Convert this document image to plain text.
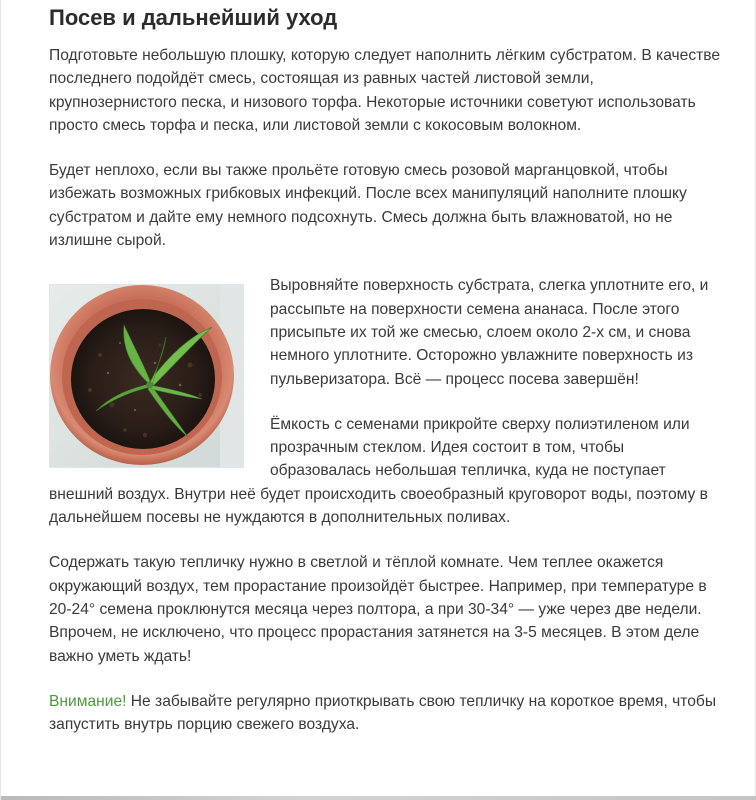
Посев и дальнейший уход

Подготовьте небольшую плошку, которую следует наполнить лёгким субстратом. В качестве последнего подойдёт смесь, состоящая из равных частей листовой земли, крупнозернистого песка, и низового торфа. Некоторые источники советуют использовать просто смесь торфа и песка, или листовой земли с кокосовым волокном.

Будет неплохо, если вы также прольёте готовую смесь розовой марганцовкой, чтобы избежать возможных грибковых инфекций. После всех манипуляций наполните плошку субстратом и дайте ему немного подсохнуть. Смесь должна быть влажноватой, но не излишне сырой.

Выровняйте поверхность субстрата, слегка уплотните его, и рассыпьте на поверхности семена ананаса. После этого присыпьте их той же смесью, слоем около 2-х см, и снова немного уплотните. Осторожно увлажните поверхность из пульверизатора. Всё — процесс посева завершён!

Ёмкость с семенами прикройте сверху полиэтиленом или прозрачным стеклом. Идея состоит в том, чтобы образовалась небольшая тепличка, куда не поступает внешний воздух. Внутри неё будет происходить своеобразный круговорот воды, поэтому в дальнейшем посевы не нуждаются в дополнительных поливах.

Содержать такую тепличку нужно в светлой и тёплой комнате. Чем теплее окажется окружающий воздух, тем прорастание произойдёт быстрее. Например, при температуре в 20-24° семена проклюнутся месяца через полтора, а при 30-34° — уже через две недели. Впрочем, не исключено, что процесс прорастания затянется на 3-5 месяцев. В этом деле важно уметь ждать!

Внимание! Не забывайте регулярно приоткрывать свою тепличку на короткое время, чтобы запустить внутрь порцию свежего воздуха.
